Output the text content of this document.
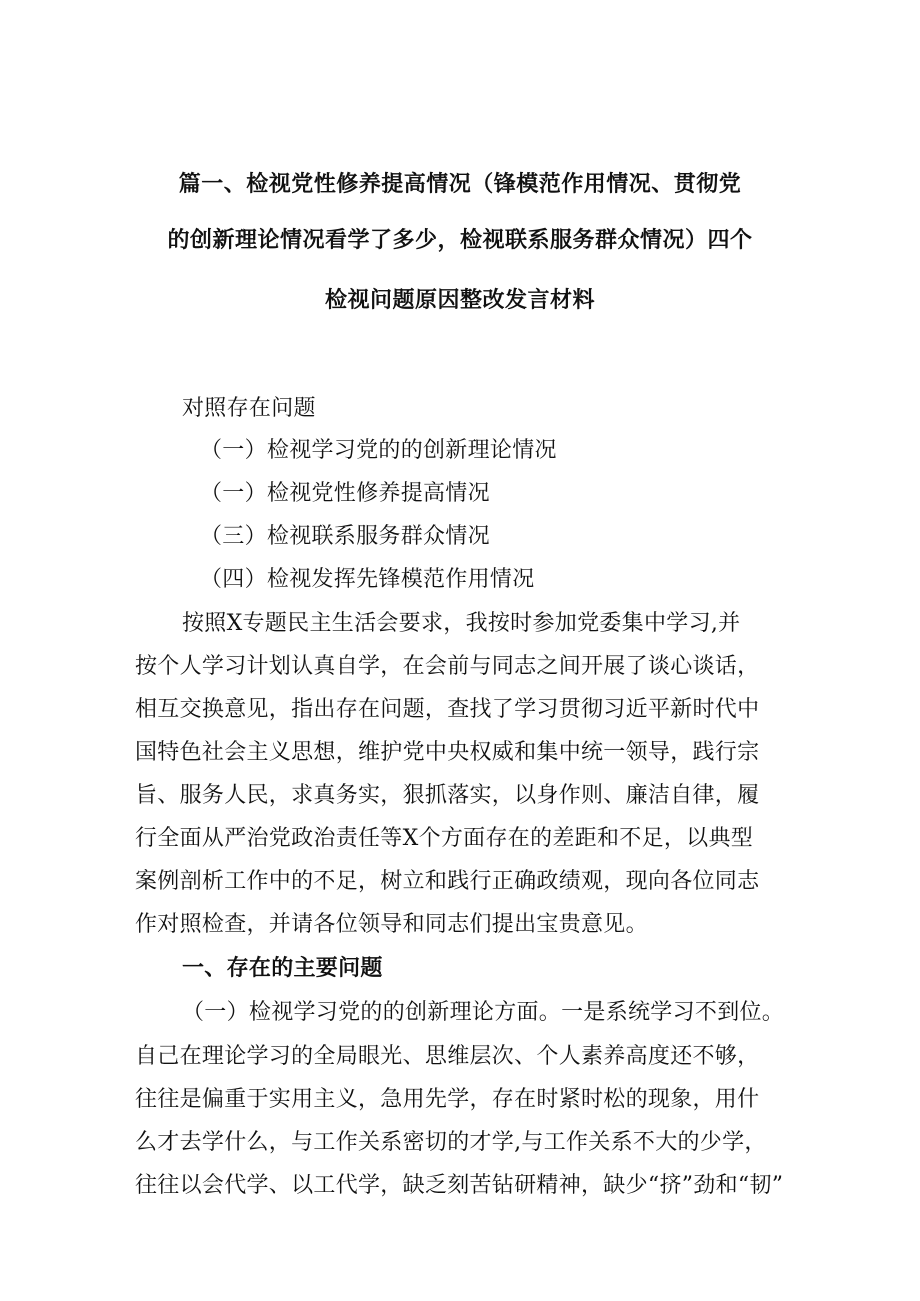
篇一、检视党性修养提高情况（锋模范作用情况、贯彻党
的创新理论情况看学了多少，检视联系服务群众情况）四个
检视问题原因整改发言材料
对照存在问题
（一）检视学习党的的创新理论情况
（一）检视党性修养提高情况
（三）检视联系服务群众情况
（四）检视发挥先锋模范作用情况
按照X专题民主生活会要求，我按时参加党委集中学习,并
按个人学习计划认真自学，在会前与同志之间开展了谈心谈话，
相互交换意见，指出存在问题，查找了学习贯彻习近平新时代中
国特色社会主义思想，维护党中央权威和集中统一领导，践行宗
旨、服务人民，求真务实，狠抓落实，以身作则、廉洁自律，履
行全面从严治党政治责任等X个方面存在的差距和不足，以典型
案例剖析工作中的不足，树立和践行正确政绩观，现向各位同志
作对照检查，并请各位领导和同志们提出宝贵意见。
一、存在的主要问题
（一）检视学习党的的创新理论方面。一是系统学习不到位。
自己在理论学习的全局眼光、思维层次、个人素养高度还不够，
往往是偏重于实用主义，急用先学，存在时紧时松的现象，用什
么才去学什么，与工作关系密切的才学,与工作关系不大的少学，
往往以会代学、以工代学，缺乏刻苦钻研精神，缺少“挤”劲和“韧”
